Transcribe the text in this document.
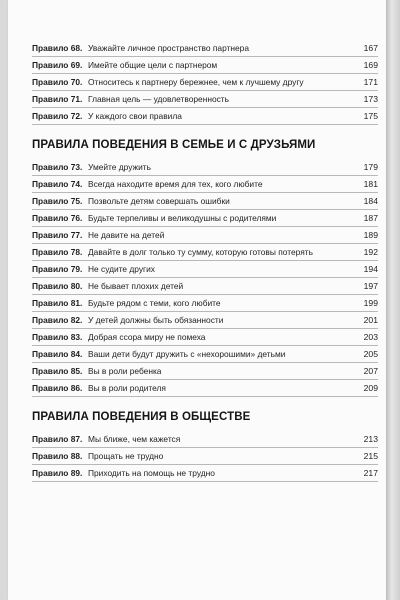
Правило 68. Уважайте личное пространство партнера	167
Правило 69. Имейте общие цели с партнером	169
Правило 70. Относитесь к партнеру бережнее, чем к лучшему другу	171
Правило 71. Главная цель — удовлетворенность	173
Правило 72. У каждого свои правила	175
ПРАВИЛА ПОВЕДЕНИЯ В СЕМЬЕ И С ДРУЗЬЯМИ
Правило 73. Умейте дружить	179
Правило 74. Всегда находите время для тех, кого любите	181
Правило 75. Позвольте детям совершать ошибки	184
Правило 76. Будьте терпеливы и великодушны с родителями	187
Правило 77. Не давите на детей	189
Правило 78. Давайте в долг только ту сумму, которую готовы потерять	192
Правило 79. Не судите других	194
Правило 80. Не бывает плохих детей	197
Правило 81. Будьте рядом с теми, кого любите	199
Правило 82. У детей должны быть обязанности	201
Правило 83. Добрая ссора миру не помеха	203
Правило 84. Ваши дети будут дружить с «нехорошими» детьми	205
Правило 85. Вы в роли ребенка	207
Правило 86. Вы в роли родителя	209
ПРАВИЛА ПОВЕДЕНИЯ В ОБЩЕСТВЕ
Правило 87. Мы ближе, чем кажется	213
Правило 88. Прощать не трудно	215
Правило 89. Приходить на помощь не трудно	217
